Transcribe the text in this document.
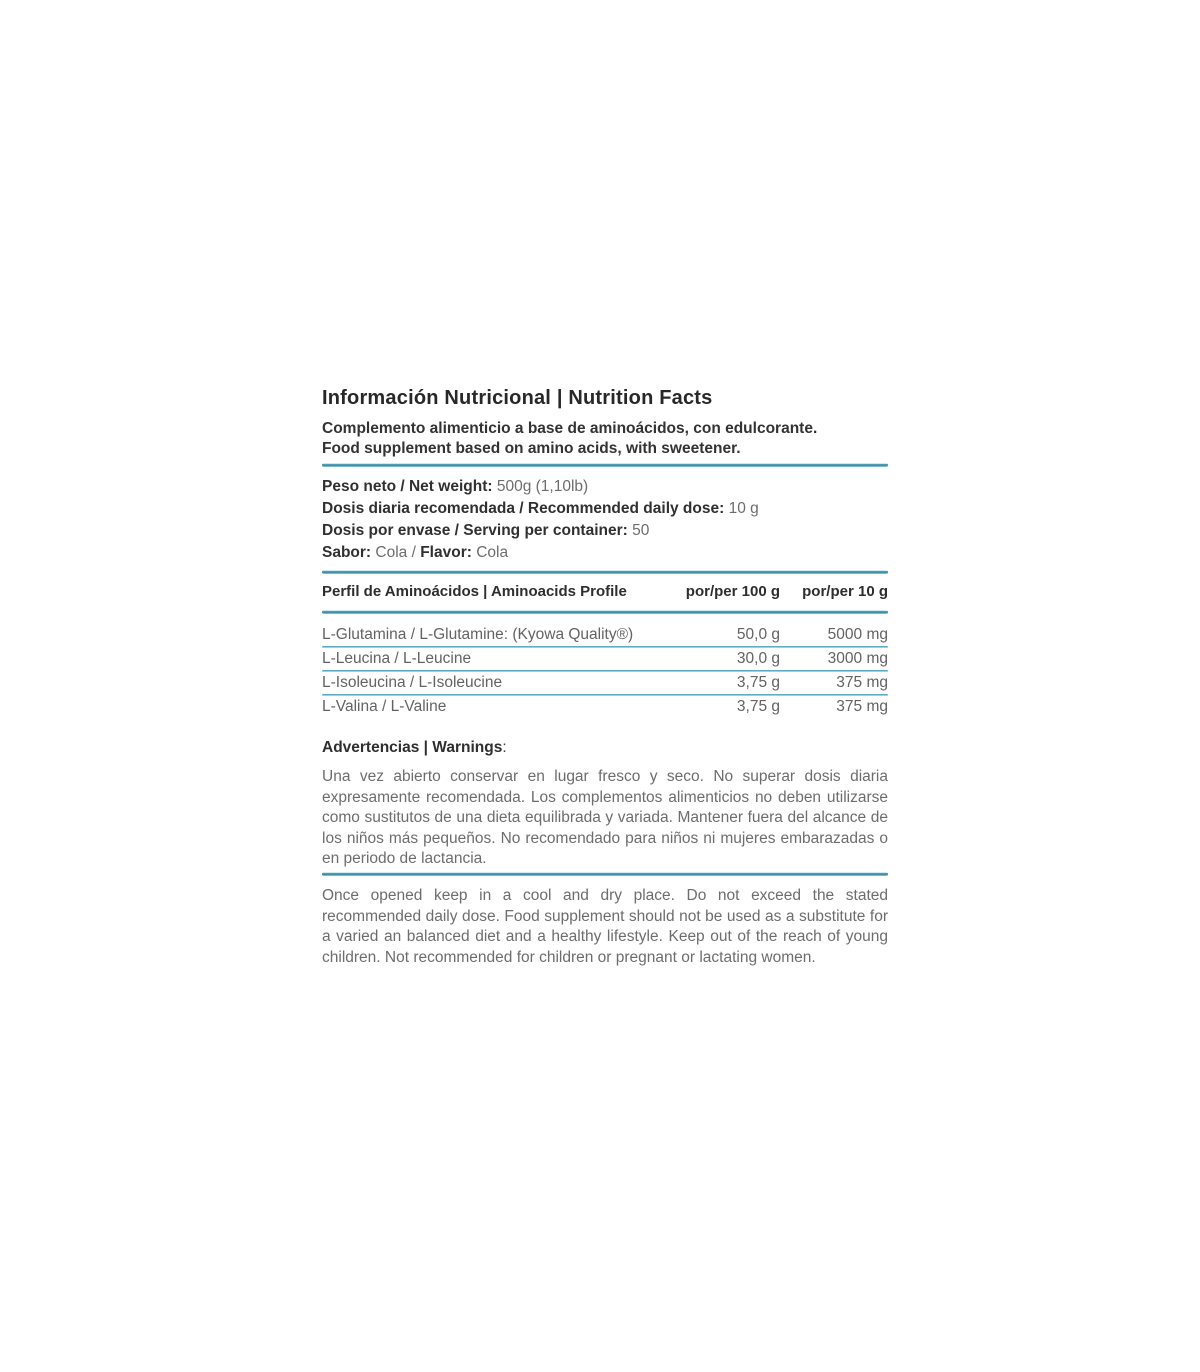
Información Nutricional | Nutrition Facts

Complemento alimenticio a base de aminoácidos, con edulcorante.

Food supplement based on amino acids, with sweetener.

Peso neto / Net weight: 500g (1,10lb)

Dosis diaria recomendada / Recommended daily dose: 10 g

Dosis por envase / Serving per container: 50

Sabor: Cola / Flavor: Cola

Perfil de Aminoácidos | Aminoacids Profile	por/per 100 g	por/per 10 g
L-Glutamina / L-Glutamine: (Kyowa Quality®)	50,0 g	5000 mg
L-Leucina / L-Leucine	30,0 g	3000 mg
L-Isoleucina / L-Isoleucine	3,75 g	375 mg
L-Valina / L-Valine	3,75 g	375 mg
Advertencias | Warnings:

Una vez abierto conservar en lugar fresco y seco. No superar dosis diaria expresamente recomendada. Los complementos alimenticios no deben utilizarse como sustitutos de una dieta equilibrada y variada. Mantener fuera del alcance de los niños más pequeños. No recomendado para niños ni mujeres embarazadas o en periodo de lactancia.

Once opened keep in a cool and dry place. Do not exceed the stated recommended daily dose. Food supplement should not be used as a substitute for a varied an balanced diet and a healthy lifestyle. Keep out of the reach of young children. Not recommended for children or pregnant or lactating women.
